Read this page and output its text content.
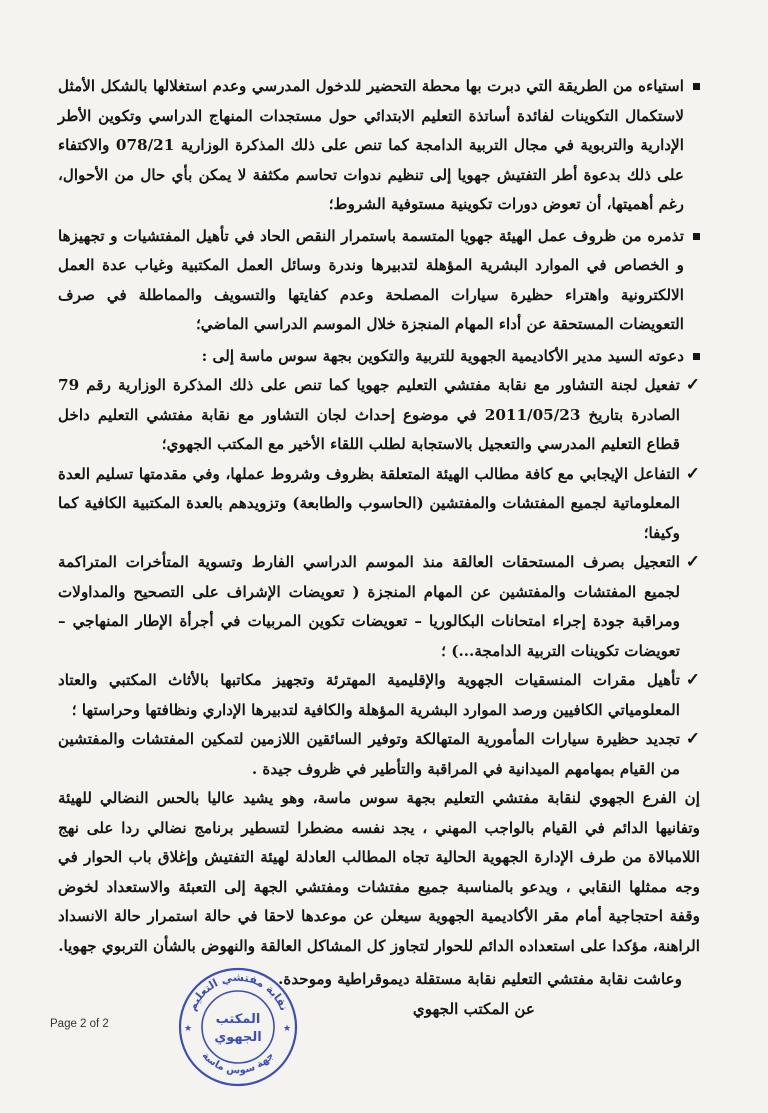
استياءه من الطريقة التي دبرت بها محطة التحضير للدخول المدرسي وعدم استغلالها بالشكل الأمثل لاستكمال التكوينات لفائدة أساتذة التعليم الابتدائي حول مستجدات المنهاج الدراسي وتكوين الأطر الإدارية والتربوية في مجال التربية الدامجة كما تنص على ذلك المذكرة الوزارية 078/21 والاكتفاء على ذلك بدعوة أطر التفتيش جهويا إلى تنظيم ندوات تحاسم مكثفة لا يمكن بأي حال من الأحوال، رغم أهميتها، أن تعوض دورات تكوينية مستوفية الشروط؛

تذمره من ظروف عمل الهيئة جهويا المتسمة باستمرار النقص الحاد في تأهيل المفتشيات و تجهيزها و الخصاص في الموارد البشرية المؤهلة لتدبيرها وندرة وسائل العمل المكتبية وغياب عدة العمل الالكترونية واهتراء حظيرة سيارات المصلحة وعدم كفايتها والتسويف والمماطلة في صرف التعويضات المستحقة عن أداء المهام المنجزة خلال الموسم الدراسي الماضي؛

دعوته السيد مدير الأكاديمية الجهوية للتربية والتكوين بجهة سوس ماسة إلى :

✓
تفعيل لجنة التشاور مع نقابة مفتشي التعليم جهويا كما تنص على ذلك المذكرة الوزارية رقم 79 الصادرة بتاريخ 2011/05/23 في موضوع إحداث لجان التشاور مع نقابة مفتشي التعليم داخل قطاع التعليم المدرسي والتعجيل بالاستجابة لطلب اللقاء الأخير مع المكتب الجهوي؛

✓
التفاعل الإيجابي مع كافة مطالب الهيئة المتعلقة بظروف وشروط عملها، وفي مقدمتها تسليم العدة المعلوماتية لجميع المفتشات والمفتشين (الحاسوب والطابعة) وتزويدهم بالعدة المكتبية الكافية كما وكيفا؛

✓
التعجيل بصرف المستحقات العالقة منذ الموسم الدراسي الفارط وتسوية المتأخرات المتراكمة لجميع المفتشات والمفتشين عن المهام المنجزة ( تعويضات الإشراف على التصحيح والمداولات ومراقبة جودة إجراء امتحانات البكالوريا – تعويضات تكوين المربيات في أجرأة الإطار المنهاجي – تعويضات تكوينات التربية الدامجة...) ؛

✓
تأهيل مقرات المنسقيات الجهوية والإقليمية المهترئة وتجهيز مكاتبها بالأثاث المكتبي والعتاد المعلومياتي الكافيين ورصد الموارد البشرية المؤهلة والكافية لتدبيرها الإداري ونظافتها وحراستها ؛

✓
تجديد حظيرة سيارات المأمورية المتهالكة وتوفير السائقين اللازمين لتمكين المفتشات والمفتشين من القيام بمهامهم الميدانية في المراقبة والتأطير في ظروف جيدة .

إن الفرع الجهوي لنقابة مفتشي التعليم بجهة سوس ماسة، وهو يشيد عاليا بالحس النضالي للهيئة وتفانيها الدائم في القيام بالواجب المهني ، يجد نفسه مضطرا لتسطير برنامج نضالي ردا على نهج اللامبالاة من طرف الإدارة الجهوية الحالية تجاه المطالب العادلة لهيئة التفتيش وإغلاق باب الحوار في وجه ممثلها النقابي ، ويدعو بالمناسبة جميع مفتشات ومفتشي الجهة إلى التعبئة والاستعداد لخوض وقفة احتجاجية أمام مقر الأكاديمية الجهوية سيعلن عن موعدها لاحقا في حالة استمرار حالة الانسداد الراهنة، مؤكدا على استعداده الدائم للحوار لتجاوز كل المشاكل العالقة والنهوض بالشأن التربوي جهويا.

وعاشت نقابة مفتشي التعليم نقابة مستقلة ديموقراطية وموحدة.

عن المكتب الجهوي

Page 2 of 2
نقابة مفتشي التعليم
جهة سوس ماسة
المكتب
الجهوي
★	★
